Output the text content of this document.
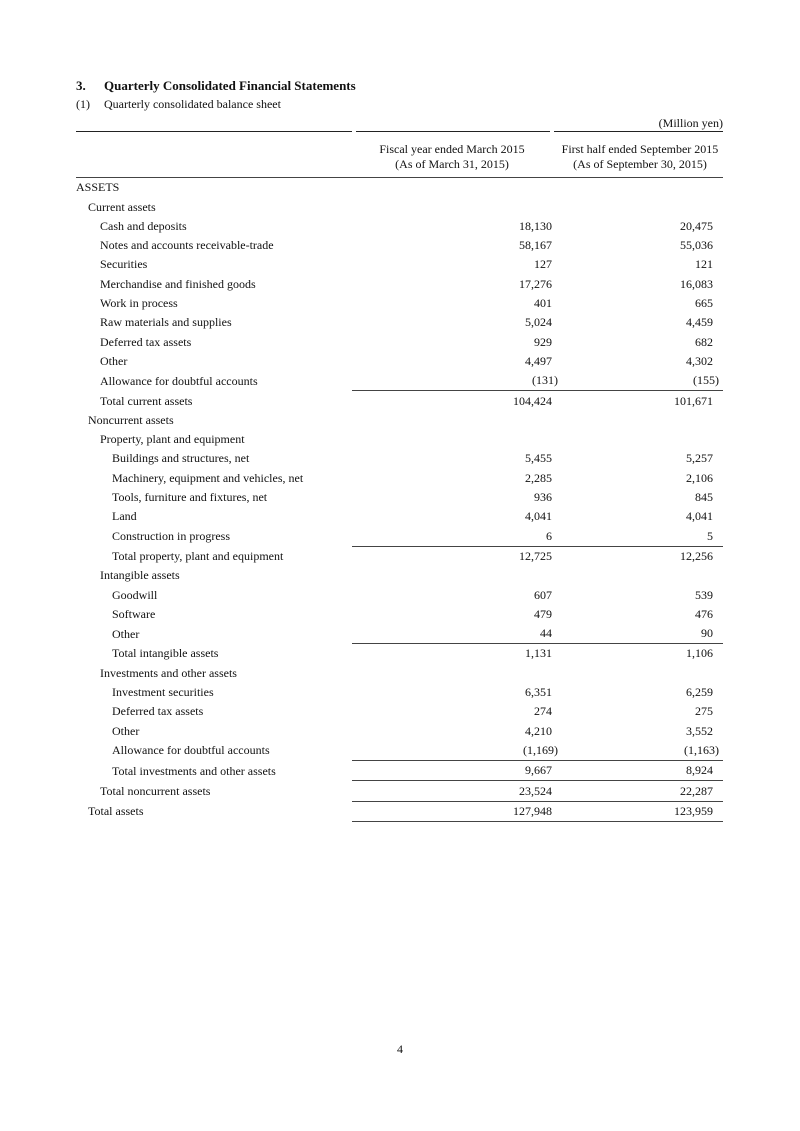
3. Quarterly Consolidated Financial Statements
(1) Quarterly consolidated balance sheet
(Million yen)
Fiscal year ended March 2015
(As of March 31, 2015)
First half ended September 2015
(As of September 30, 2015)
ASSETS		
Current assets		
Cash and deposits	18,130	20,475
Notes and accounts receivable-trade	58,167	55,036
Securities	127	121
Merchandise and finished goods	17,276	16,083
Work in process	401	665
Raw materials and supplies	5,024	4,459
Deferred tax assets	929	682
Other	4,497	4,302
Allowance for doubtful accounts	(131)	(155)
Total current assets	104,424	101,671
Noncurrent assets		
Property, plant and equipment		
Buildings and structures, net	5,455	5,257
Machinery, equipment and vehicles, net	2,285	2,106
Tools, furniture and fixtures, net	936	845
Land	4,041	4,041
Construction in progress	6	5
Total property, plant and equipment	12,725	12,256
Intangible assets		
Goodwill	607	539
Software	479	476
Other	44	90
Total intangible assets	1,131	1,106
Investments and other assets		
Investment securities	6,351	6,259
Deferred tax assets	274	275
Other	4,210	3,552
Allowance for doubtful accounts	(1,169)	(1,163)
Total investments and other assets	9,667	8,924
Total noncurrent assets	23,524	22,287
Total assets	127,948	123,959
4
